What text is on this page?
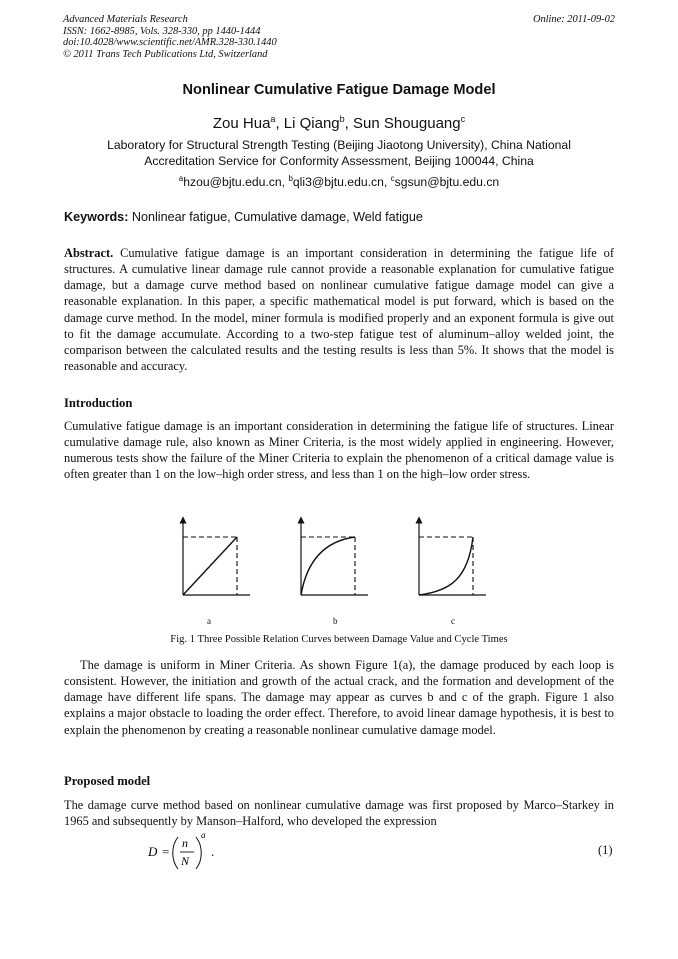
Advanced Materials Research
ISSN: 1662-8985, Vols. 328-330, pp 1440-1444
doi:10.4028/www.scientific.net/AMR.328-330.1440
© 2011 Trans Tech Publications Ltd, Switzerland
Online: 2011-09-02
Nonlinear Cumulative Fatigue Damage Model
Zou Hua$^a$, Li Qiang$^b$, Sun Shouguang$^c$
Laboratory for Structural Strength Testing (Beijing Jiaotong University), China National
Accreditation Service for Conformity Assessment, Beijing 100044, China
$^a$hzou@bjtu.edu.cn, $^b$qli3@bjtu.edu.cn, $^c$sgsun@bjtu.edu.cn
Keywords: Nonlinear fatigue, Cumulative damage, Weld fatigue
Abstract. Cumulative fatigue damage is an important consideration in determining the fatigue life of structures. A cumulative linear damage rule cannot provide a reasonable explanation for cumulative fatigue damage, but a damage curve method based on nonlinear cumulative fatigue damage model can give a reasonable explanation. In this paper, a specific mathematical model is put forward, which is based on the damage curve method. In the model, miner formula is modified properly and an exponent formula is give out to fit the damage accumulate. According to a two-step fatigue test of aluminum–alloy welded joint, the comparison between the calculated results and the testing results is less than 5%. It shows that the model is reasonable and accuracy.
Introduction
Cumulative fatigue damage is an important consideration in determining the fatigue life of structures. Linear cumulative damage rule, also known as Miner Criteria, is the most widely applied in engineering. However, numerous tests show the failure of the Miner Criteria to explain the phenomenon of a critical damage value is often greater than 1 on the low–high order stress, and less than 1 on the high–low order stress.
a	b	c
Fig. 1 Three Possible Relation Curves between Damage Value and Cycle Times
The damage is uniform in Miner Criteria. As shown Figure 1(a), the damage produced by each loop is consistent. However, the initiation and growth of the actual crack, and the formation and development of the damage have different life spans. The damage may appear as curves b and c of the graph. Figure 1 also explains a major obstacle to loading the order effect. Therefore, to avoid linear damage hypothesis, it is best to explain the phenomenon by creating a reasonable nonlinear cumulative damage model.
Proposed model
The damage curve method based on nonlinear cumulative damage was first proposed by Marco–Starkey in 1965 and subsequently by Manson–Halford, who developed the expression
D =
n
N
a
.	(1)
